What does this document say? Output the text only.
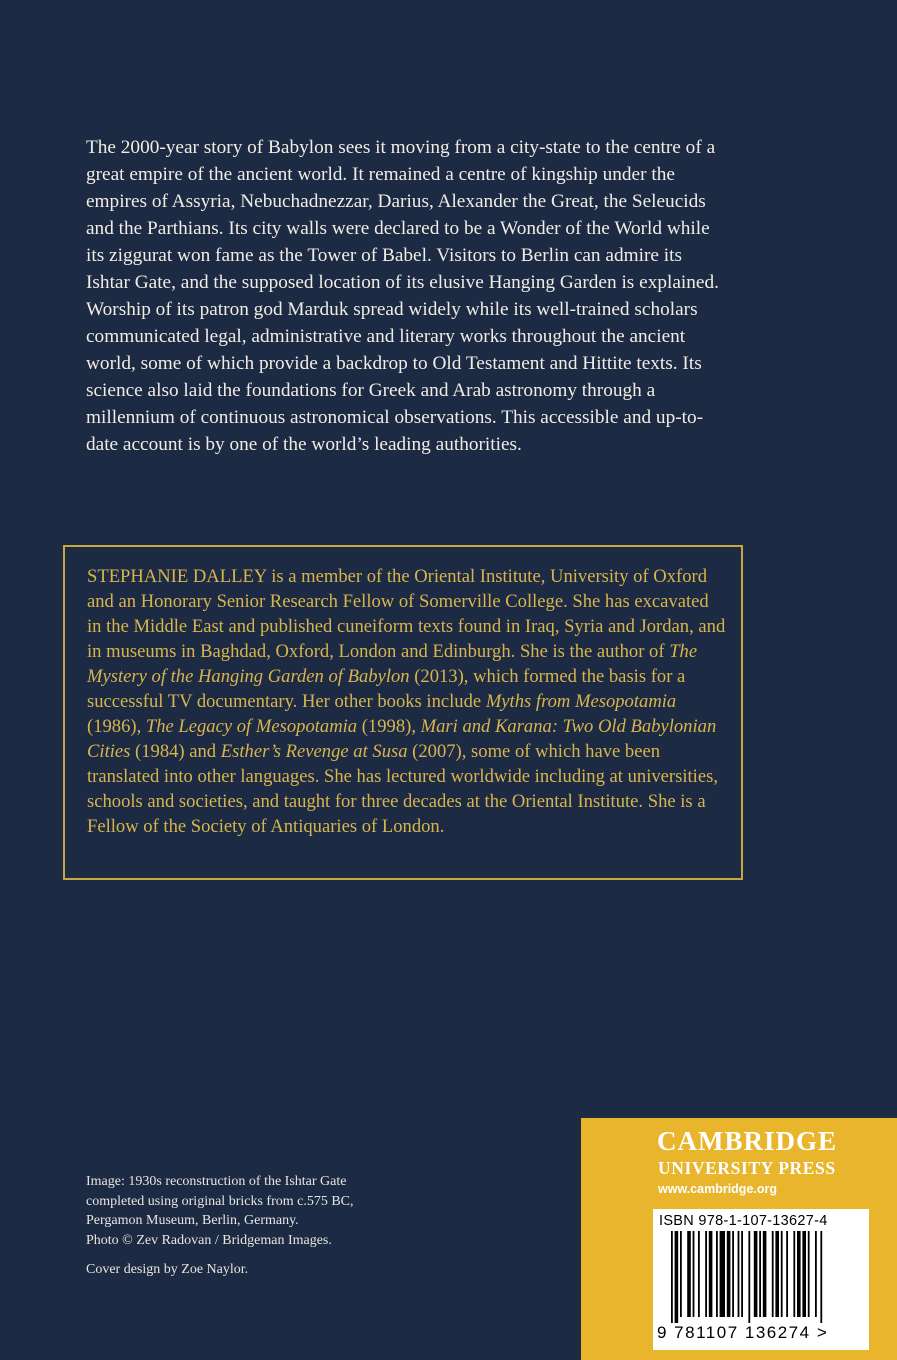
The 2000-year story of Babylon sees it moving from a city-state to the centre of a great empire of the ancient world. It remained a centre of kingship under the empires of Assyria, Nebuchadnezzar, Darius, Alexander the Great, the Seleucids and the Parthians. Its city walls were declared to be a Wonder of the World while its ziggurat won fame as the Tower of Babel. Visitors to Berlin can admire its Ishtar Gate, and the supposed location of its elusive Hanging Garden is explained. Worship of its patron god Marduk spread widely while its well-trained scholars communicated legal, administrative and literary works throughout the ancient world, some of which provide a backdrop to Old Testament and Hittite texts. Its science also laid the foundations for Greek and Arab astronomy through a millennium of continuous astronomical observations. This accessible and up-to-date account is by one of the world’s leading authorities.

STEPHANIE DALLEY is a member of the Oriental Institute, University of Oxford and an Honorary Senior Research Fellow of Somerville College. She has excavated in the Middle East and published cuneiform texts found in Iraq, Syria and Jordan, and in museums in Baghdad, Oxford, London and Edinburgh. She is the author of The Mystery of the Hanging Garden of Babylon (2013), which formed the basis for a successful TV documentary. Her other books include Myths from Mesopotamia (1986), The Legacy of Mesopotamia (1998), Mari and Karana: Two Old Babylonian Cities (1984) and Esther’s Revenge at Susa (2007), some of which have been translated into other languages. She has lectured worldwide including at universities, schools and societies, and taught for three decades at the Oriental Institute. She is a Fellow of the Society of Antiquaries of London.

Image: 1930s reconstruction of the Ishtar Gate

completed using original bricks from c.575 BC,

Pergamon Museum, Berlin, Germany.

Photo © Zev Radovan / Bridgeman Images.

Cover design by Zoe Naylor.

CAMBRIDGE
UNIVERSITY PRESS
www.cambridge.org
ISBN 978-1-107-13627-4
9 781107 136274 >
